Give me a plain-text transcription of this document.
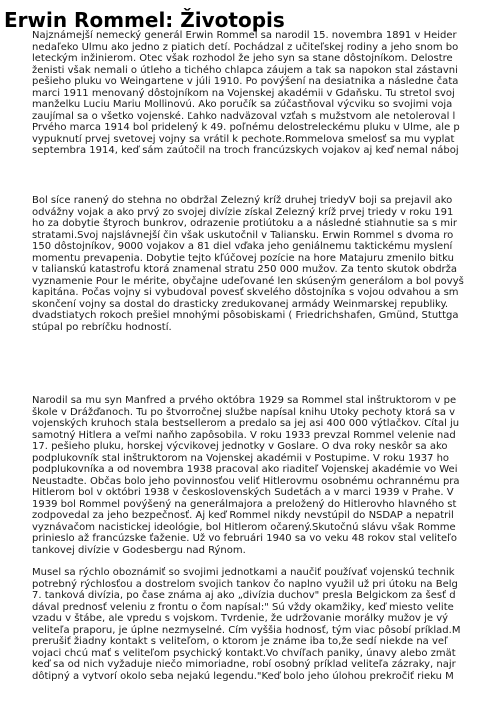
Erwin Rommel: Životopis
Najznámejší nemecký generál Erwin Rommel sa narodil 15. novembra 1891 v Heider
nedaľeko Ulmu ako jedno z piatich detí. Pochádzal z učiteľskej rodiny a jeho snom bo
leteckým inžinierom. Otec však rozhodol že jeho syn sa stane dôstojníkom. Delostre
ženisti však nemali o útleho a tichého chlapca záujem a tak sa napokon stal zástavni
pešieho pluku vo Weingartene v júli 1910. Po povýšení na desiatnika a následne čata
marci 1911 menovaný dôstojníkom na Vojenskej akadémii v Gdaňsku. Tu stretol svoj
manželku Luciu Mariu Mollinovú. Ako poručík sa zúčastňoval výcviku so svojimi voja
zaujímal sa o všetko vojenské. Ľahko nadväzoval vzťah s mužstvom ale netoleroval l
Prvého marca 1914 bol pridelený k 49. poľnému delostreleckému pluku v Ulme, ale p
vypuknutí prvej svetovej vojny sa vrátil k pechote.Rommelova smelosť sa mu vyplat
septembra 1914, keď sám zaútočil na troch francúzskych vojakov aj keď nemal náboj
Bol síce ranený do stehna no obdržal Železný kríž druhej triedyV boji sa prejavil ako
odvážny vojak a ako prvý zo svojej divízie získal Železný kríž prvej triedy v roku 191
ho za dobytie štyroch bunkrov, odrazenie protiútoku a a následné stiahnutie sa s mir
stratami.Svoj najslávnejší čin však uskutočnil v Taliansku. Erwin Rommel s dvoma ro
150 dôstojníkov, 9000 vojakov a 81 diel vďaka jeho geniálnemu taktickému myslení
momentu prevapenia. Dobytie tejto kľúčovej pozície na hore Matajuru zmenilo bitku
v talianskú katastrofu ktorá znamenal stratu 250 000 mužov. Za tento skutok obdrža
vyznamenie Pour le mérite, obyčajne udeľované len skúseným generálom a bol povyš
kapitána. Počas vojny si vybudoval povesť skvelého dôstojníka s vojou odvahou a sm
skončení vojny sa dostal do drasticky zredukovanej armády Weinmarskej republiky.
dvadstiatych rokoch prešiel mnohými pôsobiskami ( Friedrichshafen, Gmünd, Stuttga
stúpal po rebríčku hodností.
Narodil sa mu syn Manfred a prvého októbra 1929 sa Rommel stal inštruktorom v pe
škole v Drážďanoch. Tu po štvorročnej službe napísal knihu Útoky pechoty ktorá sa v
vojenských kruhoch stala bestsellerom a predalo sa jej asi 400 000 výtlačkov. Čítal ju
samotný Hitlera a veľmi naňho zapôsobila. V roku 1933 prevzal Rommel velenie nad
17. pešieho pluku, horskej výcvikovej jednotky v Goslare. O dva roky neskôr sa ako
podplukovník stal inštruktorom na Vojenskej akadémii v Postupime. V roku 1937 ho
podplukovníka a od novembra 1938 pracoval ako riaditeľ Vojenskej akadémie vo Wei
Neustadte. Občas bolo jeho povinnosťou veliť Hitlerovmu osobnému ochrannému pra
Hitlerom bol v októbri 1938 v československých Sudetách a v marci 1939 v Prahe. V
1939 bol Rommel povýšený na generálmajora a preložený do Hitlerovho hlavného st
zodpovedal za jeho bezpečnosť. Aj keď Rommel nikdy nevstúpil do NSDAP a nepatril
vyznávačom nacistickej ideológie, bol Hitlerom očarený.Skutočnú slávu však Romme
prinieslo až francúzske ťaženie. Už vo februári 1940 sa vo veku 48 rokov stal veliteľo
tankovej divízie v Godesbergu nad Rýnom.
Musel sa rýchlo oboznámiť so svojimi jednotkami a naučiť používať vojenskú technik
potrebný rýchlosťou a dostrelom svojich tankov čo naplno využil už pri útoku na Belg
7. tanková divízia, po čase známa aj ako „divízia duchov" presla Belgickom za šesť d
dával prednosť veleniu z frontu o čom napísal:" Sú vždy okamžiky, keď miesto velite
vzadu v štábe, ale vpredu s vojskom. Tvrdenie, že udržovanie morálky mužov je vý
veliteľa praporu, je úplne nezmyselné. Čím vyššia hodnosť, tým viac pôsobí príklad.M
prerušiť žiadny kontakt s veliteľom, o ktorom je známe iba to,že sedí niekde na veľ
vojaci chcú mať s veliteľom psychický kontakt.Vo chvíľach paniky, únavy alebo zmät
keď sa od nich vyžaduje niečo mimoriadne, robí osobný príklad veliteľa zázraky, najr
dôtipný a vytvorí okolo seba nejakú legendu."Keď bolo jeho úlohou prekročiť rieku M
